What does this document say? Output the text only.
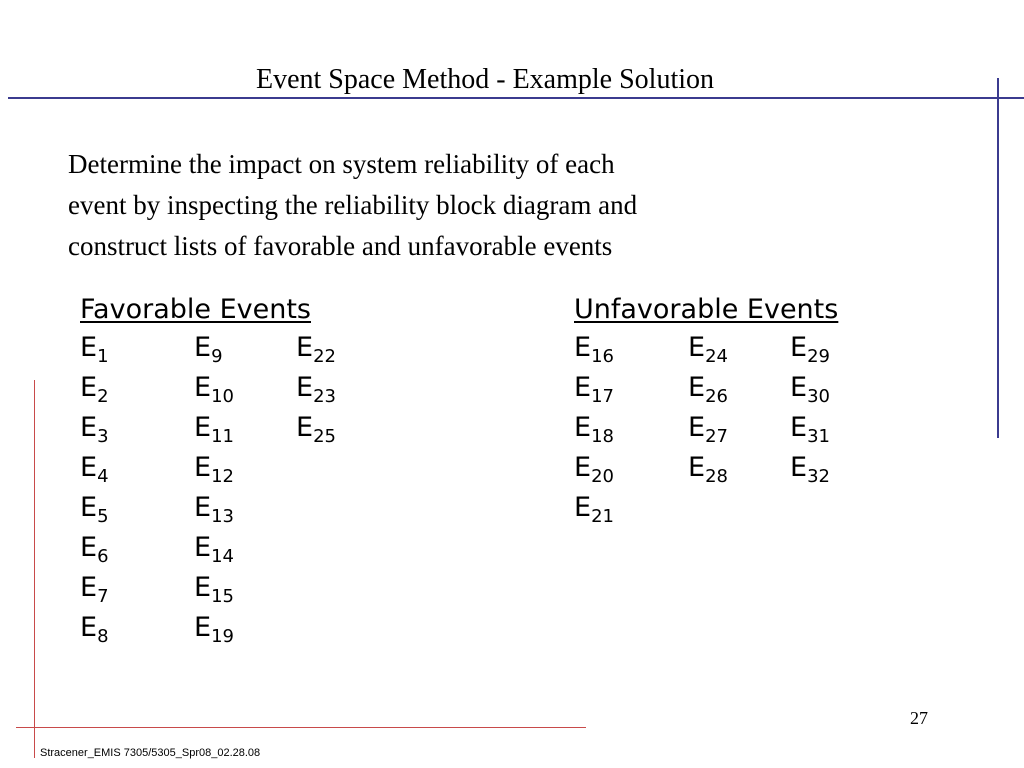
Event Space Method - Example Solution
Determine the impact on system reliability of each
event by inspecting the reliability block diagram and
construct lists of favorable and unfavorable events
Favorable Events
$E_1$
$E_2$
$E_3$
$E_4$
$E_5$
$E_6$
$E_7$
$E_8$
$E_9$
$E_{10}$
$E_{11}$
$E_{12}$
$E_{13}$
$E_{14}$
$E_{15}$
$E_{19}$
$E_{22}$
$E_{23}$
$E_{25}$
Unfavorable Events
$E_{16}$
$E_{17}$
$E_{18}$
$E_{20}$
$E_{21}$
$E_{24}$
$E_{26}$
$E_{27}$
$E_{28}$
$E_{29}$
$E_{30}$
$E_{31}$
$E_{32}$
27
Stracener_EMIS 7305/5305_Spr08_02.28.08
